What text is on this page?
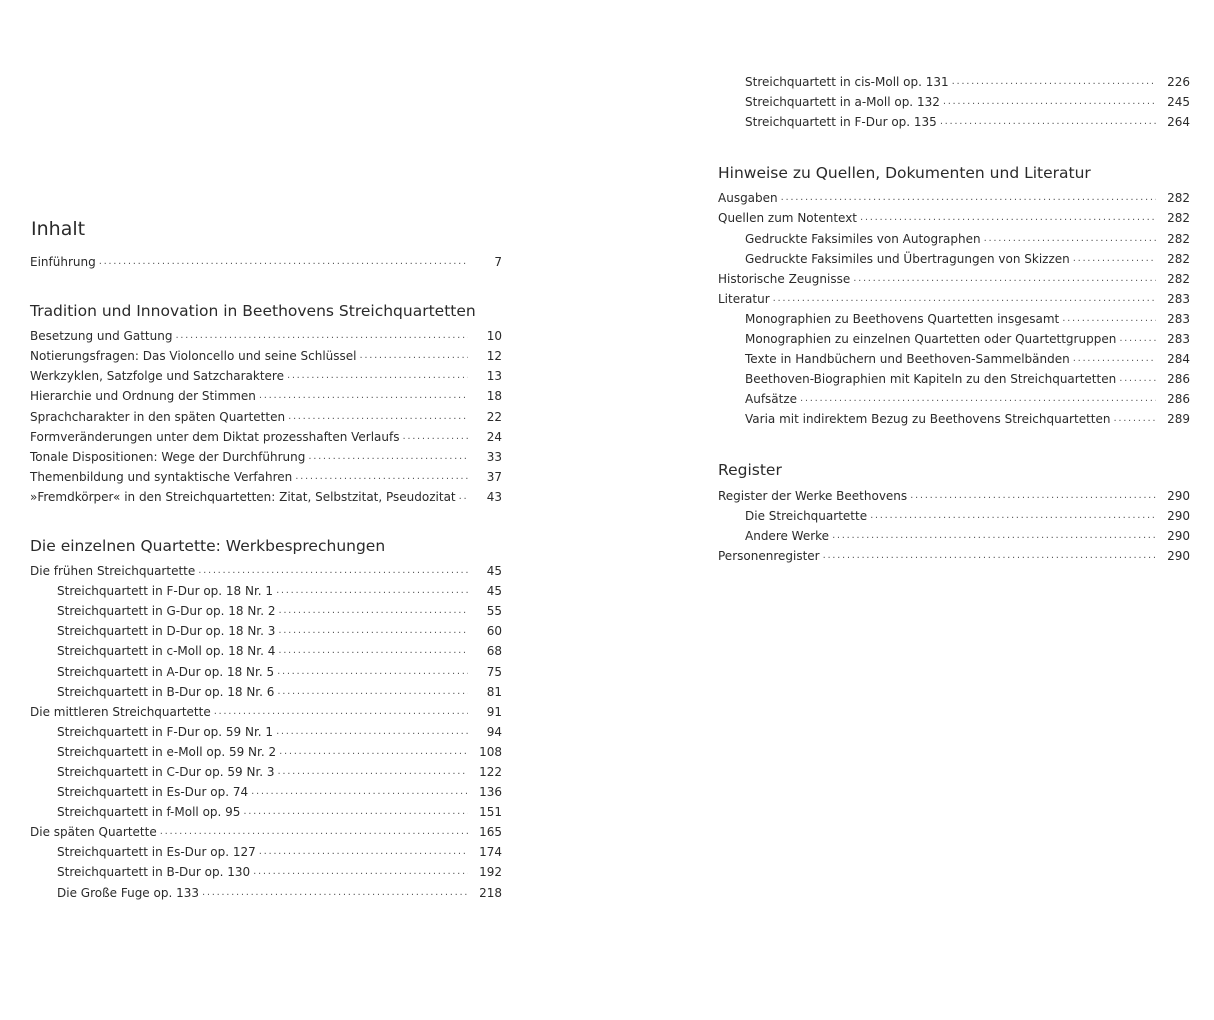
Inhalt
Einführung . . .	7
Tradition und Innovation in Beethovens Streichquartetten
Besetzung und Gattung . . .	10
Notierungsfragen: Das Violoncello und seine Schlüssel . . .	12
Werkzyklen, Satzfolge und Satzcharaktere . . .	13
Hierarchie und Ordnung der Stimmen . . .	18
Sprachcharakter in den späten Quartetten . . .	22
Formveränderungen unter dem Diktat prozesshaften Verlaufs . . .	24
Tonale Dispositionen: Wege der Durchführung . . .	33
Themenbildung und syntaktische Verfahren . . .	37
»Fremdkörper« in den Streichquartetten: Zitat, Selbstzitat, Pseudozitat . . .	43
Die einzelnen Quartette: Werkbesprechungen
Die frühen Streichquartette . . .	45
Streichquartett in F-Dur op. 18 Nr. 1 . . .	45
Streichquartett in G-Dur op. 18 Nr. 2 . . .	55
Streichquartett in D-Dur op. 18 Nr. 3 . . .	60
Streichquartett in c-Moll op. 18 Nr. 4 . . .	68
Streichquartett in A-Dur op. 18 Nr. 5 . . .	75
Streichquartett in B-Dur op. 18 Nr. 6 . . .	81
Die mittleren Streichquartette . . .	91
Streichquartett in F-Dur op. 59 Nr. 1 . . .	94
Streichquartett in e-Moll op. 59 Nr. 2 . . .	108
Streichquartett in C-Dur op. 59 Nr. 3 . . .	122
Streichquartett in Es-Dur op. 74 . . .	136
Streichquartett in f-Moll op. 95 . . .	151
Die späten Quartette . . .	165
Streichquartett in Es-Dur op. 127 . . .	174
Streichquartett in B-Dur op. 130 . . .	192
Die Große Fuge op. 133 . . .	218
Streichquartett in cis-Moll op. 131 . . .	226
Streichquartett in a-Moll op. 132 . . .	245
Streichquartett in F-Dur op. 135 . . .	264
Hinweise zu Quellen, Dokumenten und Literatur
Ausgaben . . .	282
Quellen zum Notentext . . .	282
Gedruckte Faksimiles von Autographen . . .	282
Gedruckte Faksimiles und Übertragungen von Skizzen . . .	282
Historische Zeugnisse . . .	282
Literatur . . .	283
Monographien zu Beethovens Quartetten insgesamt . . .	283
Monographien zu einzelnen Quartetten oder Quartettgruppen . . .	283
Texte in Handbüchern und Beethoven-Sammelbänden . . .	284
Beethoven-Biographien mit Kapiteln zu den Streichquartetten . . .	286
Aufsätze . . .	286
Varia mit indirektem Bezug zu Beethovens Streichquartetten . . .	289
Register
Register der Werke Beethovens . . .	290
Die Streichquartette . . .	290
Andere Werke . . .	290
Personenregister . . .	290
